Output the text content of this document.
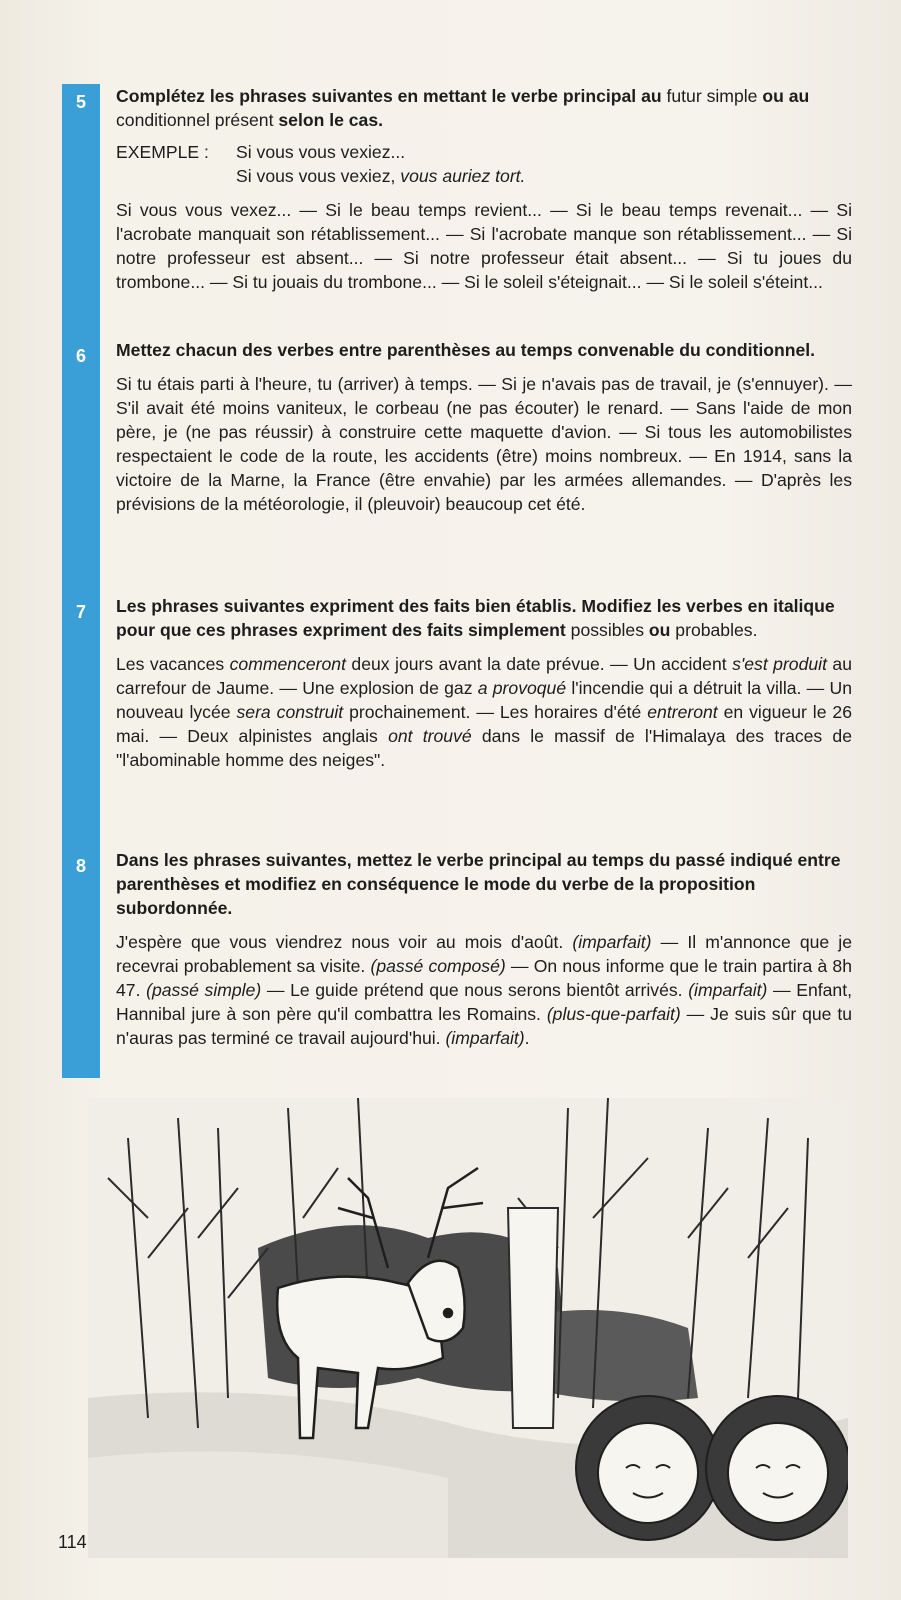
5	Complétez les phrases suivantes en mettant le verbe principal au futur simple ou au conditionnel présent selon le cas.
EXEMPLE :	Si vous vous vexiez...
Si vous vous vexiez, vous auriez tort.
Si vous vous vexez... — Si le beau temps revient... — Si le beau temps revenait... — Si l'acrobate manquait son rétablissement... — Si l'acrobate manque son rétablissement... — Si notre professeur est absent... — Si notre professeur était absent... — Si tu joues du trombone... — Si tu jouais du trombone... — Si le soleil s'éteignait... — Si le soleil s'éteint...
6	Mettez chacun des verbes entre parenthèses au temps convenable du conditionnel.
Si tu étais parti à l'heure, tu (arriver) à temps. — Si je n'avais pas de travail, je (s'ennuyer). — S'il avait été moins vaniteux, le corbeau (ne pas écouter) le renard. — Sans l'aide de mon père, je (ne pas réussir) à construire cette maquette d'avion. — Si tous les automobilistes respectaient le code de la route, les accidents (être) moins nombreux. — En 1914, sans la victoire de la Marne, la France (être envahie) par les armées allemandes. — D'après les prévisions de la météorologie, il (pleuvoir) beaucoup cet été.
7	Les phrases suivantes expriment des faits bien établis. Modifiez les verbes en italique pour que ces phrases expriment des faits simplement possibles ou probables.
Les vacances commenceront deux jours avant la date prévue. — Un accident s'est produit au carrefour de Jaume. — Une explosion de gaz a provoqué l'incendie qui a détruit la villa. — Un nouveau lycée sera construit prochainement. — Les horaires d'été entreront en vigueur le 26 mai. — Deux alpinistes anglais ont trouvé dans le massif de l'Himalaya des traces de "l'abominable homme des neiges".
8	Dans les phrases suivantes, mettez le verbe principal au temps du passé indiqué entre parenthèses et modifiez en conséquence le mode du verbe de la proposition subordonnée.
J'espère que vous viendrez nous voir au mois d'août. (imparfait) — Il m'annonce que je recevrai probablement sa visite. (passé composé) — On nous informe que le train partira à 8h 47. (passé simple) — Le guide prétend que nous serons bientôt arrivés. (imparfait) — Enfant, Hannibal jure à son père qu'il combattra les Romains. (plus-que-parfait) — Je suis sûr que tu n'auras pas terminé ce travail aujourd'hui. (imparfait).
114
